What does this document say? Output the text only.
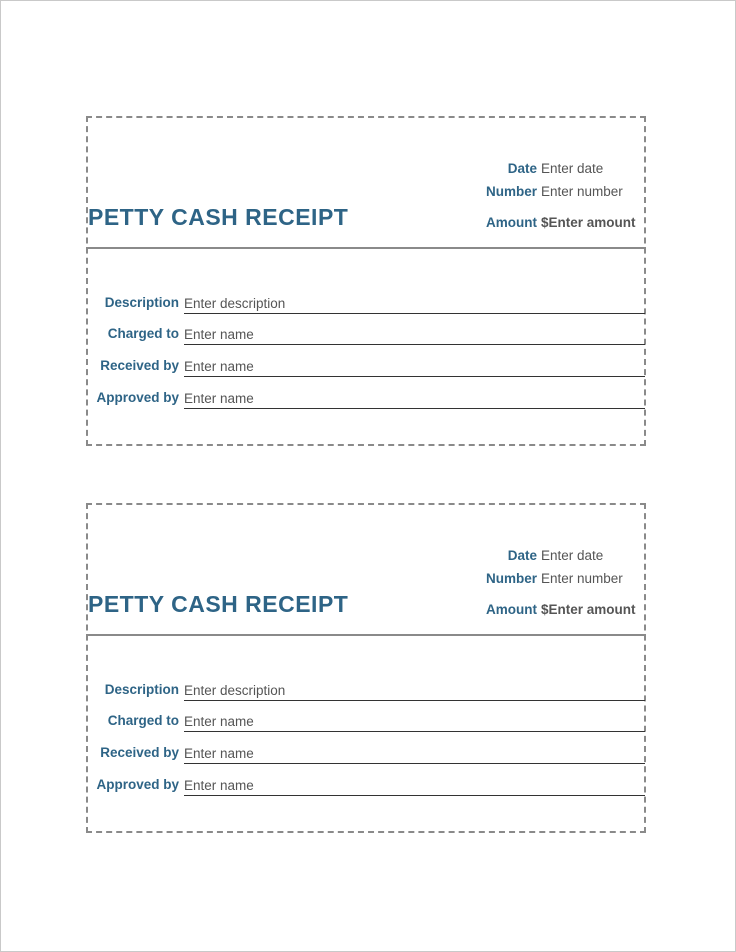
PETTY CASH RECEIPT
Date Enter date
Number Enter number
Amount $Enter amount
Description Enter description
Charged to Enter name
Received by Enter name
Approved by Enter name
PETTY CASH RECEIPT
Date Enter date
Number Enter number
Amount $Enter amount
Description Enter description
Charged to Enter name
Received by Enter name
Approved by Enter name
